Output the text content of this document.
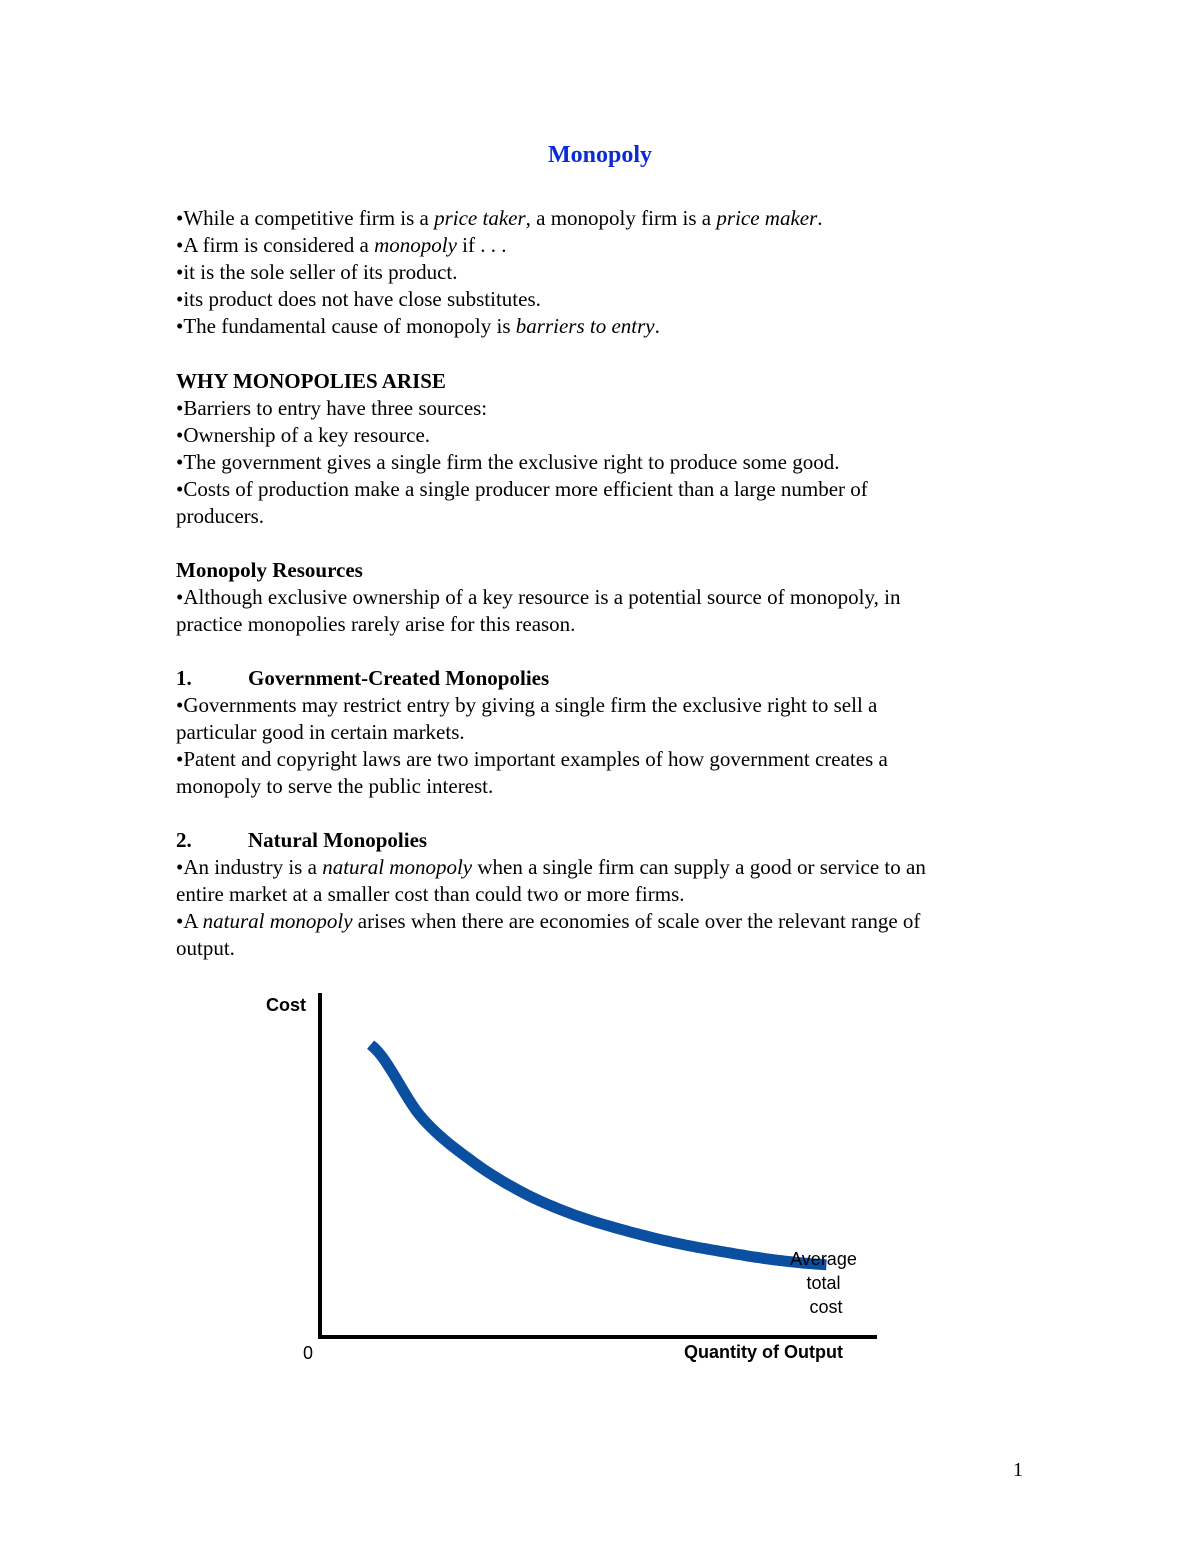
Monopoly
•While a competitive firm is a price taker, a monopoly firm is a price maker.
•A firm is considered a monopoly if . . .
•it is the sole seller of its product.
•its product does not have close substitutes.
•The fundamental cause of monopoly is barriers to entry.
WHY MONOPOLIES ARISE
•Barriers to entry have three sources:
•Ownership of a key resource.
•The government gives a single firm the exclusive right to produce some good.
•Costs of production make a single producer more efficient than a large number of
producers.
Monopoly Resources
•Although exclusive ownership of a key resource is a potential source of monopoly, in
practice monopolies rarely arise for this reason.
1.	Government-Created Monopolies
•Governments may restrict entry by giving a single firm the exclusive right to sell a
particular good in certain markets.
•Patent and copyright laws are two important examples of how government creates a
monopoly to serve the public interest.
2.	Natural Monopolies
•An industry is a natural monopoly when a single firm can supply a good or service to an
entire market at a smaller cost than could two or more firms.
•A natural monopoly arises when there are economies of scale over the relevant range of
output.
Cost
Quantity of Output
0
Average total cost
1
